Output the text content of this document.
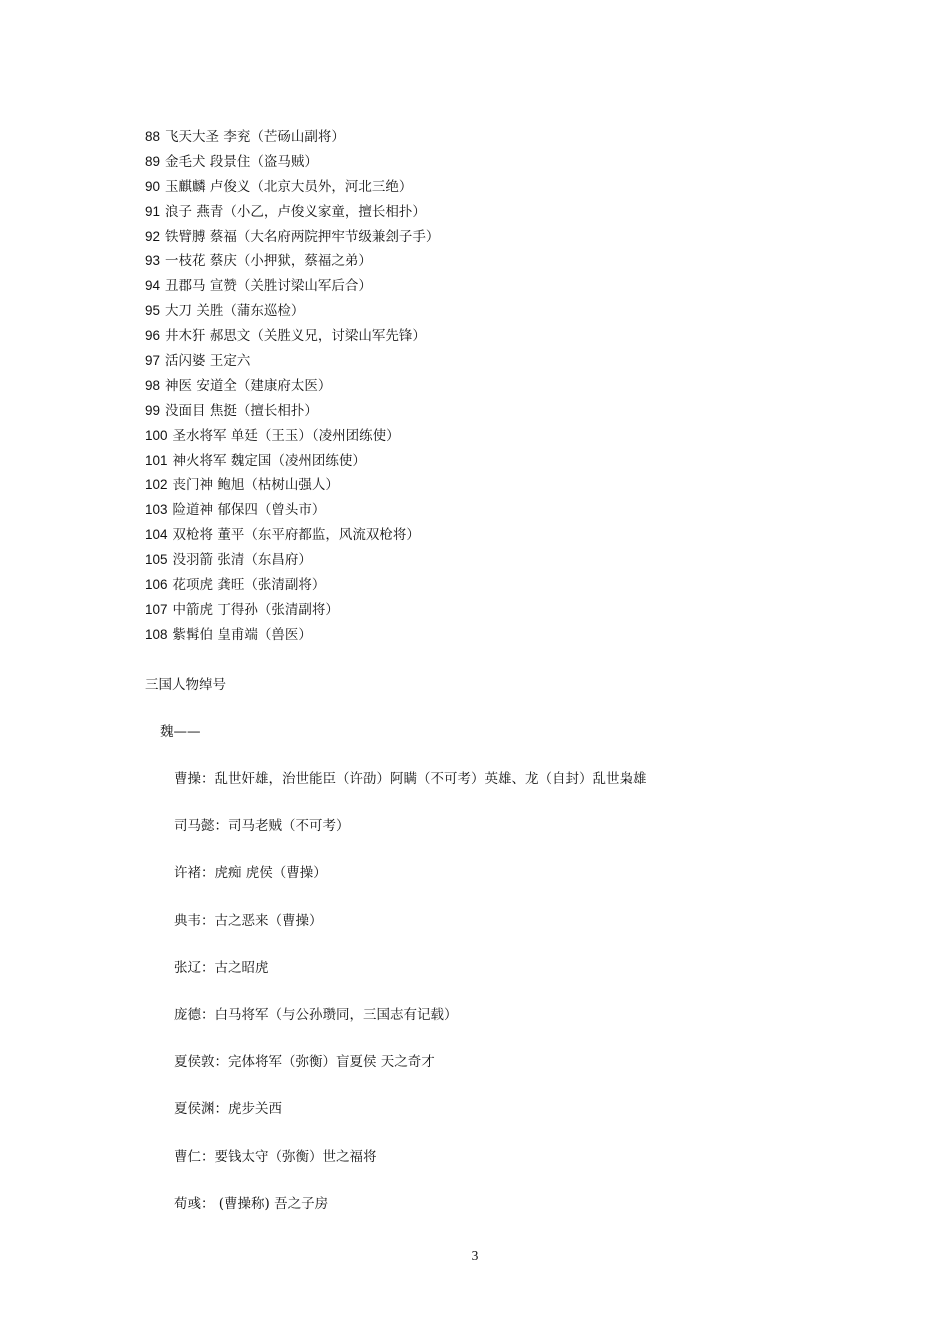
88 飞天大圣 李兖（芒砀山副将）
89 金毛犬 段景住（盗马贼）
90 玉麒麟 卢俊义（北京大员外，河北三绝）
91 浪子 燕青（小乙，卢俊义家童，擅长相扑）
92 铁臂膊 蔡福（大名府两院押牢节级兼刽子手）
93 一枝花 蔡庆（小押狱，蔡福之弟）
94 丑郡马 宣赞（关胜讨梁山军后合）
95 大刀 关胜（蒲东巡检）
96 井木犴 郝思文（关胜义兄，讨梁山军先锋）
97 活闪婆 王定六
98 神医 安道全（建康府太医）
99 没面目 焦挺（擅长相扑）
100 圣水将军 单廷（王玉）（凌州团练使）
101 神火将军 魏定国（凌州团练使）
102 丧门神 鲍旭（枯树山强人）
103 险道神 郁保四（曾头市）
104 双枪将 董平（东平府都监，风流双枪将）
105 没羽箭 张清（东昌府）
106 花项虎 龚旺（张清副将）
107 中箭虎 丁得孙（张清副将）
108 紫髯伯 皇甫端（兽医）
三国人物绰号
魏——
曹操：乱世奸雄，治世能臣（许劭）阿瞒（不可考）英雄、龙（自封）乱世枭雄
司马懿：司马老贼（不可考）
许褚：虎痴 虎侯（曹操）
典韦：古之恶来（曹操）
张辽：古之昭虎
庞德：白马将军（与公孙瓒同，三国志有记载）
夏侯敦：完体将军（弥衡）盲夏侯 天之奇才
夏侯渊：虎步关西
曹仁：要钱太守（弥衡）世之福将
荀彧： (曹操称) 吾之子房
3
